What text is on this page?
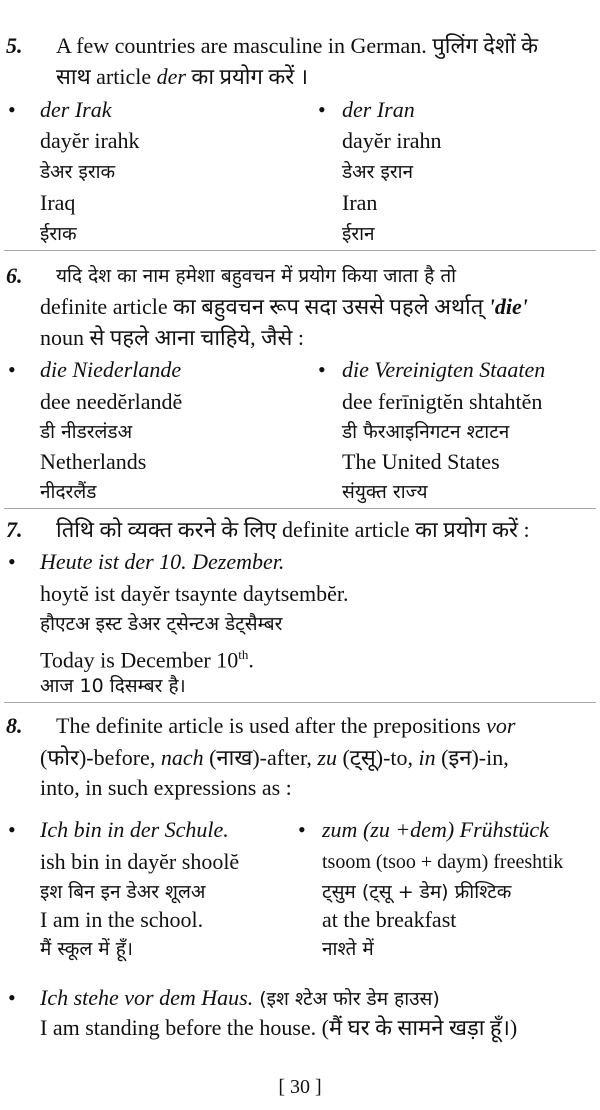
5. A few countries are masculine in German. पुलिंग देशों के
साथ article der का प्रयोग करें ।
• der Irak
dayĕr irahk
डेअर इराक
Iraq
ईराक
• der Iran
dayĕr irahn
डेअर इरान
Iran
ईरान
6. यदि देश का नाम हमेशा बहुवचन में प्रयोग किया जाता है तो
definite article का बहुवचन रूप सदा उससे पहले अर्थात् 'die'
noun से पहले आना चाहिये, जैसे :
• die Niederlande
dee needĕrlandĕ
डी नीडरलंडअ
Netherlands
नीदरलैंड
• die Vereinigten Staaten
dee ferīnigtĕn shtahtĕn
डी फैरआइनिगटन श्टाटन
The United States
संयुक्त राज्य
7. तिथि को व्यक्त करने के लिए definite article का प्रयोग करें :
• Heute ist der 10. Dezember.
hoytĕ ist dayĕr tsaynte daytsembĕr.
हौएटअ इस्ट डेअर ट्सेन्टअ डेट्सैम्बर
Today is December 10th.
आज 10 दिसम्बर है।
8. The definite article is used after the prepositions vor
(फोर)-before, nach (नाख)-after, zu (ट्सू)-to, in (इन)-in,
into, in such expressions as :
• Ich bin in der Schule.
ish bin in dayĕr shoolĕ
इश बिन इन डेअर शूलअ
I am in the school.
मैं स्कूल में हूँ।
• zum (zu +dem) Frühstück
tsoom (tsoo + daym) freeshtik
ट्सुम (ट्सू + डेम) फ्रीश्टिक
at the breakfast
नाश्ते में
• Ich stehe vor dem Haus. (इश श्टेअ फोर डेम हाउस)
I am standing before the house. (मैं घर के सामने खड़ा हूँ।)
[ 30 ]
